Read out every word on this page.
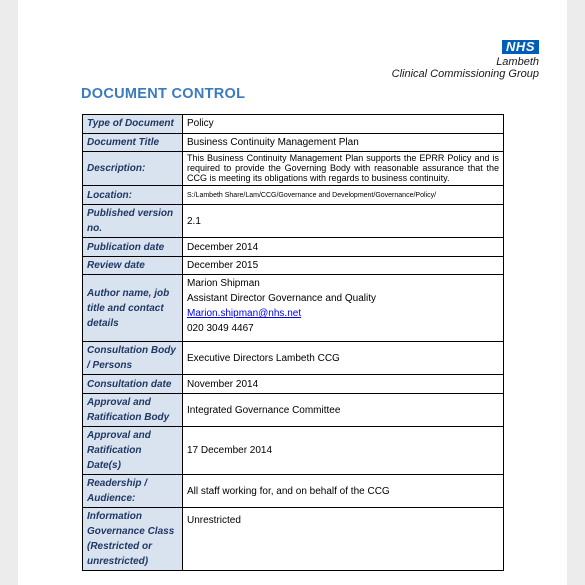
NHS
Lambeth
Clinical Commissioning Group
DOCUMENT CONTROL
Type of Document	Policy
Document Title	Business Continuity Management Plan
Description:	This Business Continuity Management Plan supports the EPRR Policy and is required to provide the Governing Body with reasonable assurance that the CCG is meeting its obligations with regards to business continuity.

Location:	S:/Lambeth Share/Lam/CCG/Governance and Development/Governance/Policy/
Published version no.	2.1
Publication date	December 2014
Review date	December 2015
Author name, job title and contact details	Marion Shipman
Assistant Director Governance and Quality
Marion.shipman@nhs.net
020 3049 4467

Consultation Body / Persons	Executive Directors Lambeth CCG
Consultation date	November 2014
Approval and Ratification Body	Integrated Governance Committee
Approval and Ratification Date(s)	17 December 2014
Readership / Audience:	All staff working for, and on behalf of the CCG
Information Governance Class (Restricted or unrestricted)	Unrestricted
